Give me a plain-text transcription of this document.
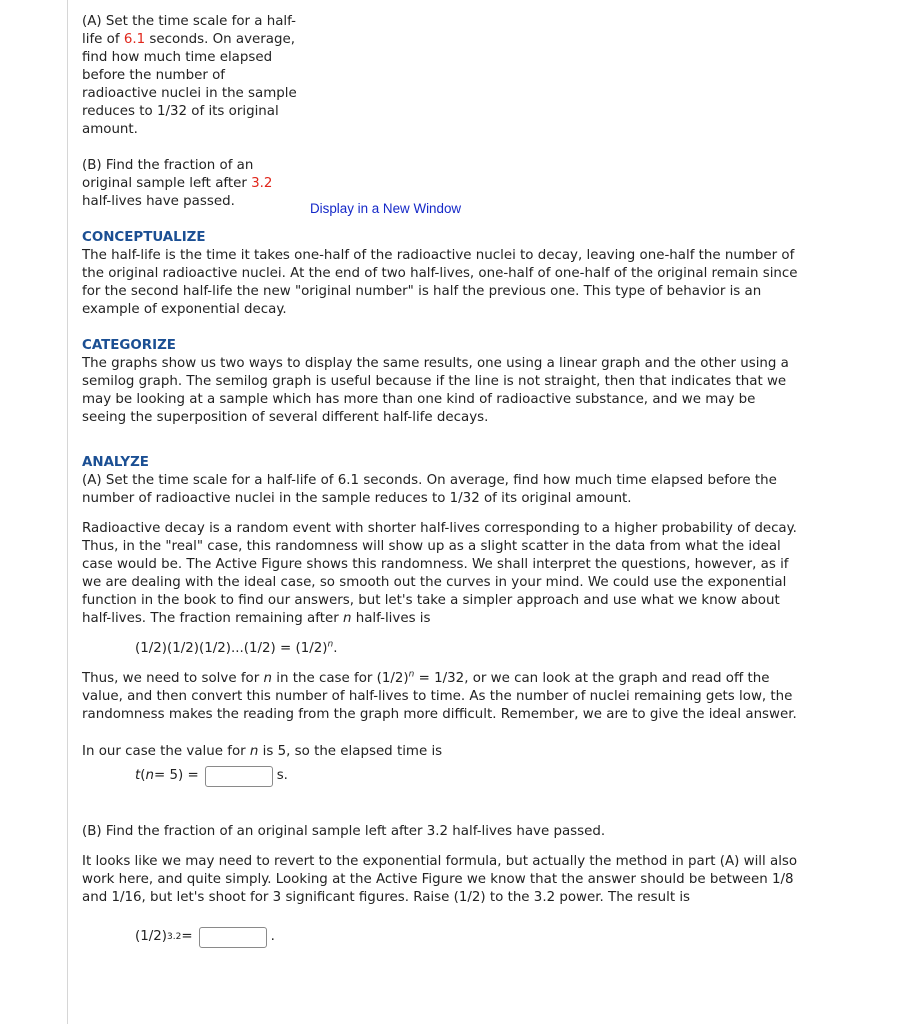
(A) Set the time scale for a half-life of 6.1 seconds. On average, find how much time elapsed before the number of radioactive nuclei in the sample reduces to 1/32 of its original amount.

(B) Find the fraction of an original sample left after 3.2 half-lives have passed.	Display in a New Window

CONCEPTUALIZE

The half-life is the time it takes one-half of the radioactive nuclei to decay, leaving one-half the number of the original radioactive nuclei. At the end of two half-lives, one-half of one-half of the original remain since for the second half-life the new "original number" is half the previous one. This type of behavior is an example of exponential decay.

CATEGORIZE

The graphs show us two ways to display the same results, one using a linear graph and the other using a semilog graph. The semilog graph is useful because if the line is not straight, then that indicates that we may be looking at a sample which has more than one kind of radioactive substance, and we may be seeing the superposition of several different half-life decays.

ANALYZE

(A) Set the time scale for a half-life of 6.1 seconds. On average, find how much time elapsed before the number of radioactive nuclei in the sample reduces to 1/32 of its original amount.

Radioactive decay is a random event with shorter half-lives corresponding to a higher probability of decay. Thus, in the "real" case, this randomness will show up as a slight scatter in the data from what the ideal case would be. The Active Figure shows this randomness. We shall interpret the questions, however, as if we are dealing with the ideal case, so smooth out the curves in your mind. We could use the exponential function in the book to find our answers, but let's take a simpler approach and use what we know about half-lives. The fraction remaining after n half-lives is

$(1/2)(1/2)(1/2)...(1/2) = (1/2)^n$.

Thus, we need to solve for n in the case for $(1/2)^n = 1/32$, or we can look at the graph and read off the value, and then convert this number of half-lives to time. As the number of nuclei remaining gets low, the randomness makes the reading from the graph more difficult. Remember, we are to give the ideal answer.

In our case the value for n is 5, so the elapsed time is

t ( n = 5) =	s.

(B) Find the fraction of an original sample left after 3.2 half-lives have passed.

It looks like we may need to revert to the exponential formula, but actually the method in part (A) will also work here, and quite simply. Looking at the Active Figure we know that the answer should be between 1/8 and 1/16, but let's shoot for 3 significant figures. Raise (1/2) to the 3.2 power. The result is

(1/2) 3.2 =	.
